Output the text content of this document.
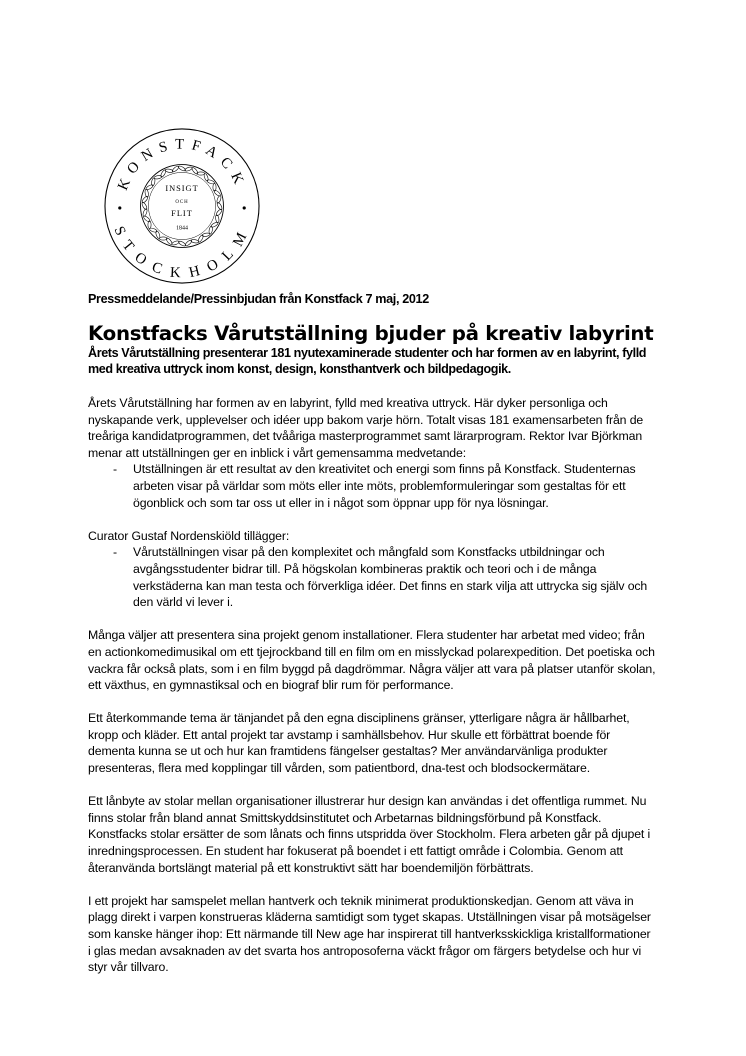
KONSTFACK
STOCKHOLM
INSIGT
OCH
FLIT
1844

Pressmeddelande/Pressinbjudan från Konstfack 7 maj, 2012

Konstfacks Vårutställning bjuder på kreativ labyrint

Årets Vårutställning presenterar 181 nyutexaminerade studenter och har formen av en labyrint, fylld med kreativa uttryck inom konst, design, konsthantverk och bildpedagogik.

Årets Vårutställning har formen av en labyrint, fylld med kreativa uttryck. Här dyker personliga och nyskapande verk, upplevelser och idéer upp bakom varje hörn. Totalt visas 181 examensarbeten från de treåriga kandidatprogrammen, det tvååriga masterprogrammet samt lärarprogram. Rektor Ivar Björkman menar att utställningen ger en inblick i vårt gemensamma medvetande:

-	Utställningen är ett resultat av den kreativitet och energi som finns på Konstfack. Studenternas arbeten visar på världar som möts eller inte möts, problemformuleringar som gestaltas för ett ögonblick och som tar oss ut eller in i något som öppnar upp för nya lösningar.

Curator Gustaf Nordenskiöld tillägger:

-	Vårutställningen visar på den komplexitet och mångfald som Konstfacks utbildningar och avgångsstudenter bidrar till. På högskolan kombineras praktik och teori och i de många verkstäderna kan man testa och förverkliga idéer. Det finns en stark vilja att uttrycka sig själv och den värld vi lever i.

Många väljer att presentera sina projekt genom installationer. Flera studenter har arbetat med video; från en actionkomedimusikal om ett tjejrockband till en film om en misslyckad polarexpedition. Det poetiska och vackra får också plats, som i en film byggd på dagdrömmar. Några väljer att vara på platser utanför skolan, ett växthus, en gymnastiksal och en biograf blir rum för performance.

Ett återkommande tema är tänjandet på den egna disciplinens gränser, ytterligare några är hållbarhet, kropp och kläder. Ett antal projekt tar avstamp i samhällsbehov. Hur skulle ett förbättrat boende för dementa kunna se ut och hur kan framtidens fängelser gestaltas? Mer användarvänliga produkter presenteras, flera med kopplingar till vården, som patientbord, dna-test och blodsockermätare.

Ett lånbyte av stolar mellan organisationer illustrerar hur design kan användas i det offentliga rummet. Nu finns stolar från bland annat Smittskyddsinstitutet och Arbetarnas bildningsförbund på Konstfack. Konstfacks stolar ersätter de som lånats och finns utspridda över Stockholm. Flera arbeten går på djupet i inredningsprocessen. En student har fokuserat på boendet i ett fattigt område i Colombia. Genom att återanvända bortslängt material på ett konstruktivt sätt har boendemiljön förbättrats.

I ett projekt har samspelet mellan hantverk och teknik minimerat produktionskedjan. Genom att väva in plagg direkt i varpen konstrueras kläderna samtidigt som tyget skapas. Utställningen visar på motsägelser som kanske hänger ihop: Ett närmande till New age har inspirerat till hantverksskickliga kristallformationer i glas medan avsaknaden av det svarta hos antroposoferna väckt frågor om färgers betydelse och hur vi styr vår tillvaro.
